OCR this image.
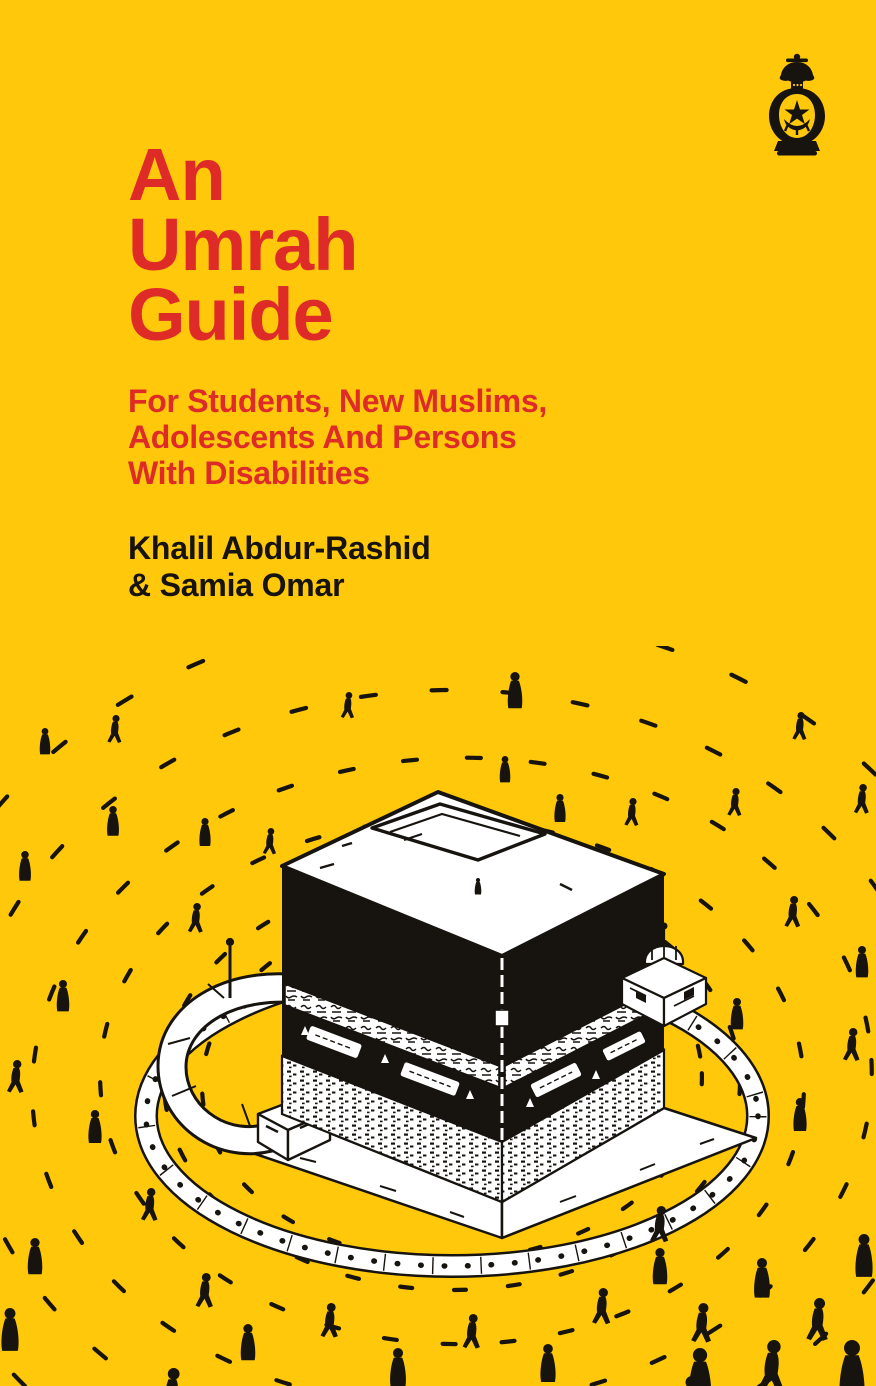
An
Umrah
Guide

For Students, New Muslims,
Adolescents And Persons
With Disabilities

Khalil Abdur-Rashid
& Samia Omar
